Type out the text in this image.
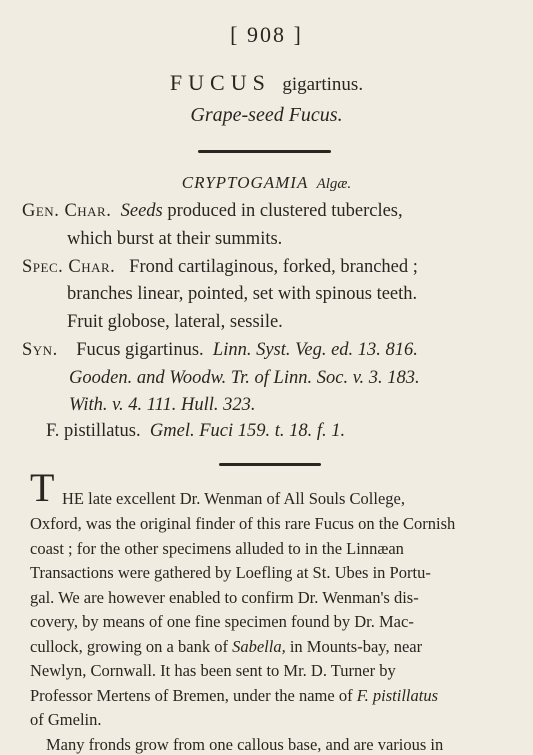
[ 908 ]
FUCUS gigartinus.
Grape-seed Fucus.
CRYPTOGAMIA Algæ.
Gen. Char. Seeds produced in clustered tubercles,
which burst at their summits.
Spec. Char. Frond cartilaginous, forked, branched ;
branches linear, pointed, set with spinous teeth.
Fruit globose, lateral, sessile.
Syn. Fucus gigartinus. Linn. Syst. Veg. ed. 13. 816.
Gooden. and Woodw. Tr. of Linn. Soc. v. 3. 183.
With. v. 4. 111. Hull. 323.
F. pistillatus. Gmel. Fuci 159. t. 18. f. 1.
T HE late excellent Dr. Wenman of All Souls College,
Oxford, was the original finder of this rare Fucus on the Cornish
coast ; for the other specimens alluded to in the Linnæan
Transactions were gathered by Loefling at St. Ubes in Portu-
gal. We are however enabled to confirm Dr. Wenman's dis-
covery, by means of one fine specimen found by Dr. Mac-
cullock, growing on a bank of Sabella, in Mounts-bay, near
Newlyn, Cornwall. It has been sent to Mr. D. Turner by
Professor Mertens of Bremen, under the name of F. pistillatus
of Gmelin.
Many fronds grow from one callous base, and are various in
